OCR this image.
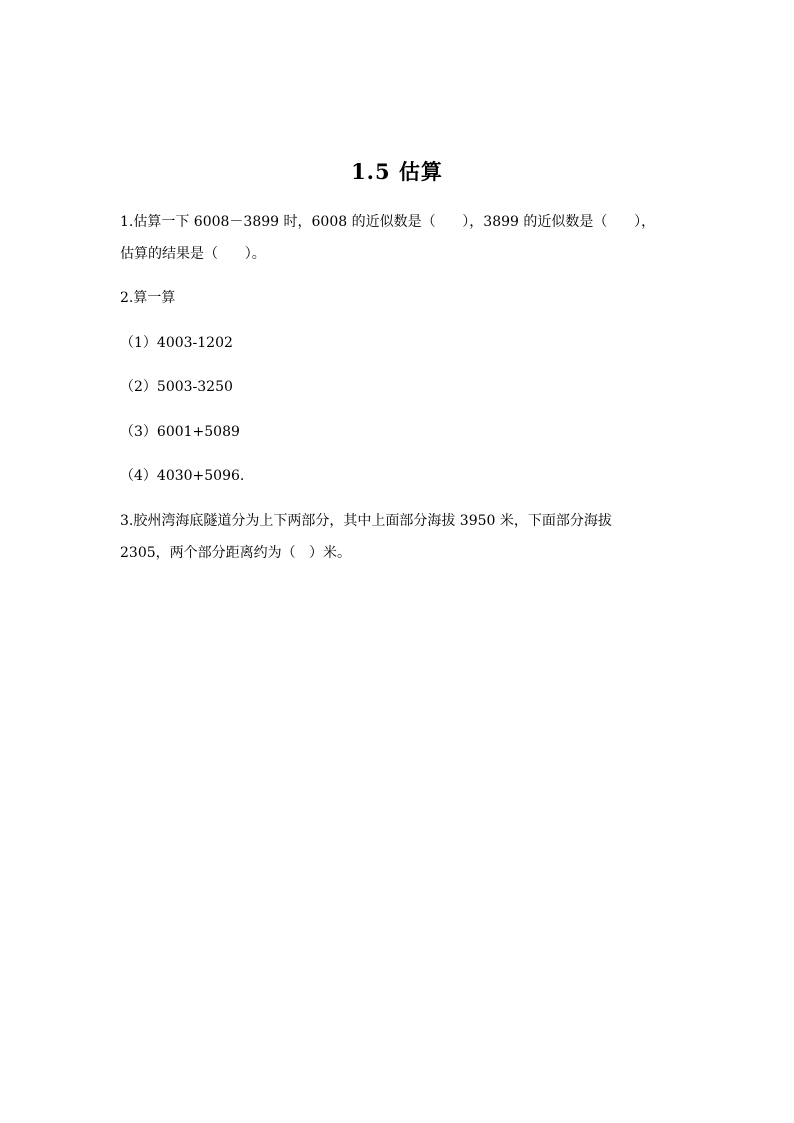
1.5 估算
1.估算一下 6008－3899 时，6008 的近似数是（      ），3899 的近似数是（      ），
估算的结果是（      ）。
2.算一算
（1）4003-1202
（2）5003-3250
（3）6001+5089
（4）4030+5096.
3.胶州湾海底隧道分为上下两部分，其中上面部分海拔 3950 米，下面部分海拔
2305，两个部分距离约为（   ）米。
